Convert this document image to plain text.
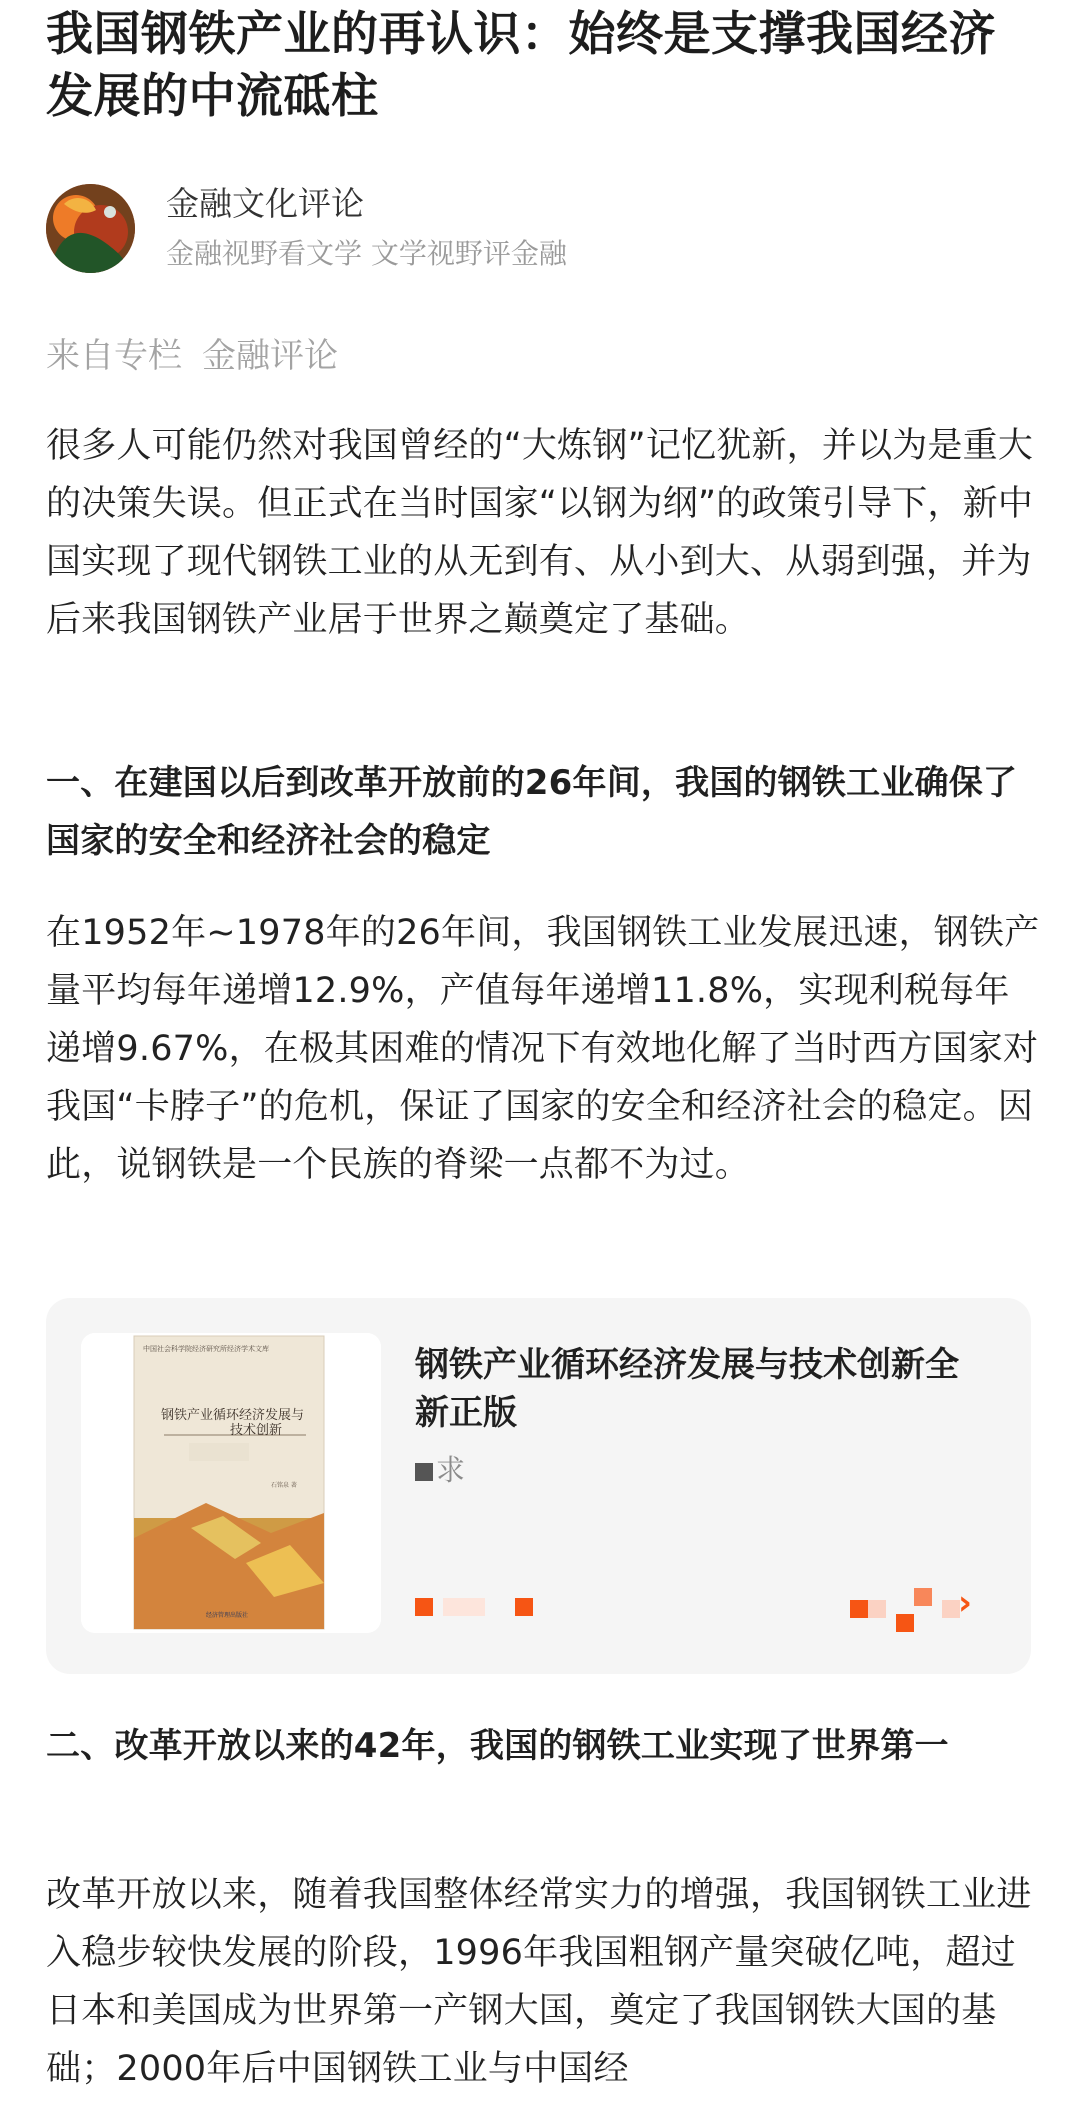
我国钢铁产业的再认识：始终是支撑我国经济发展的中流砥柱
金融文化评论
金融视野看文学 文学视野评金融
来自专栏 金融评论
很多人可能仍然对我国曾经的“大炼钢”记忆犹新，并以为是重大的决策失误。但正式在当时国家“以钢为纲”的政策引导下，新中国实现了现代钢铁工业的从无到有、从小到大、从弱到强，并为后来我国钢铁产业居于世界之巅奠定了基础。
一、在建国以后到改革开放前的26年间，我国的钢铁工业确保了国家的安全和经济社会的稳定
在1952年~1978年的26年间，我国钢铁工业发展迅速，钢铁产量平均每年递增12.9%，产值每年递增11.8%，实现利税每年递增9.67%，在极其困难的情况下有效地化解了当时西方国家对我国“卡脖子”的危机，保证了国家的安全和经济社会的稳定。因此，说钢铁是一个民族的脊梁一点都不为过。
中国社会科学院经济研究所经济学术文库
钢铁产业循环经济发展与
技术创新
石铭泉 著
经济管理出版社
钢铁产业循环经济发展与技术创新全新正版
求
›
二、改革开放以来的42年，我国的钢铁工业实现了世界第一
改革开放以来，随着我国整体经常实力的增强，我国钢铁工业进入稳步较快发展的阶段，1996年我国粗钢产量突破亿吨，超过日本和美国成为世界第一产钢大国，奠定了我国钢铁大国的基础；2000年后中国钢铁工业与中国经
